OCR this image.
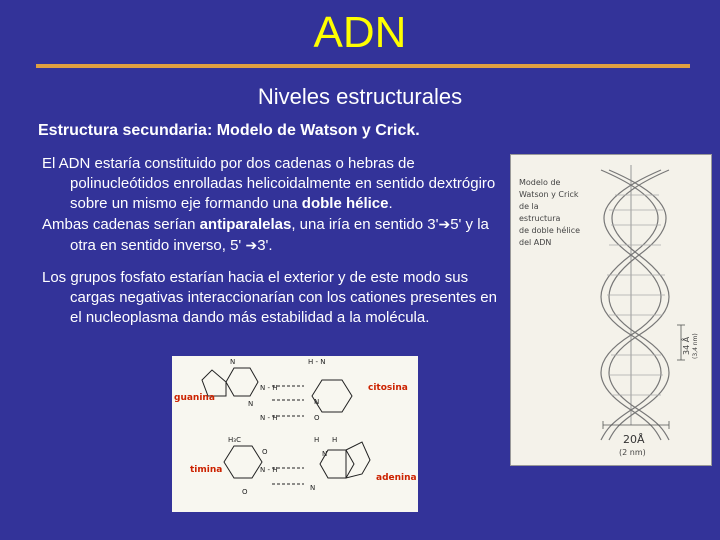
ADN
Niveles estructurales
Estructura secundaria: Modelo de Watson y Crick.

El ADN estaría constituido por dos cadenas o hebras de polinucleótidos enrolladas helicoidalmente en sentido dextrógiro sobre un mismo eje formando una doble hélice.

Ambas cadenas serían antiparalelas, una iría en sentido 3'➔5' y la otra en sentido inverso, 5' ➔3'.

Los grupos fosfato estarían hacia el exterior y de este modo sus cargas negativas interaccionarían con los cationes presentes en el nucleoplasma dando más estabilidad a la molécula.

Modelo de
Watson y Crick
de la
estructura
de doble hélice
del ADN
34 Å (3,4 nm)
20Å
(2 nm)
N
N - H
N - H
N
H - N
N
O
H₃C
N - H
O
O
H H
N
N
guanina
citosina
timina
adenina
